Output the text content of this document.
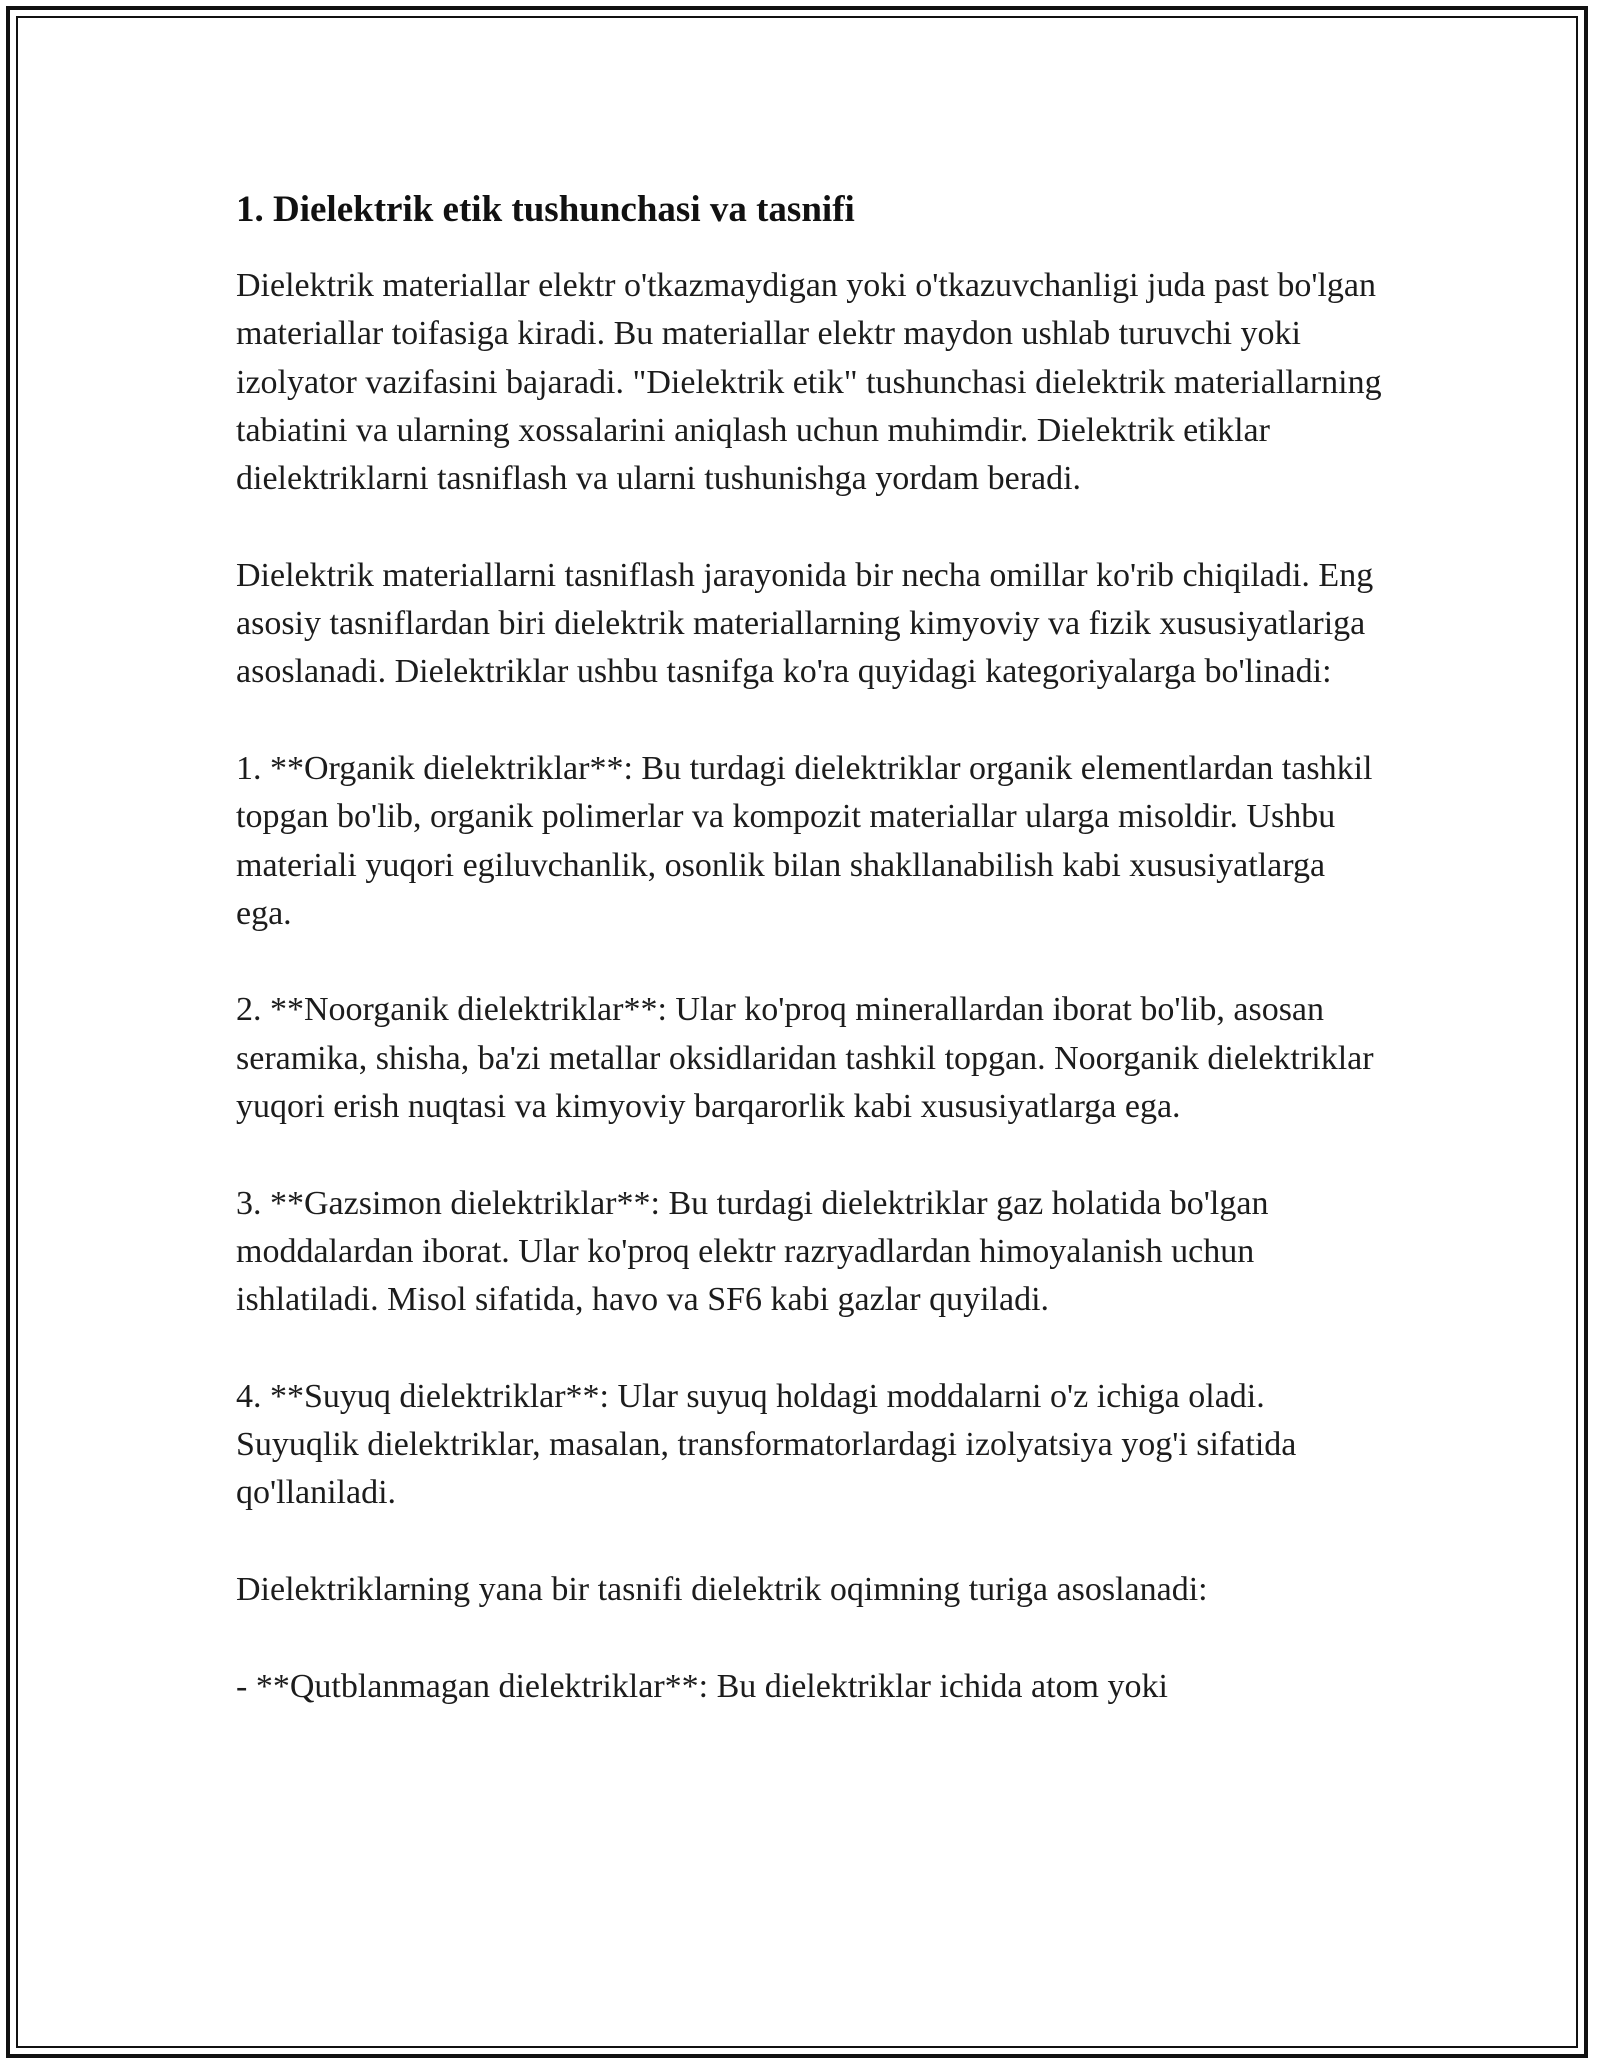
1. Dielektrik etik tushunchasi va tasnifi

Dielektrik materiallar elektr o'tkazmaydigan yoki o'tkazuvchanligi juda past bo'lgan materiallar toifasiga kiradi. Bu materiallar elektr maydon ushlab turuvchi yoki izolyator vazifasini bajaradi. "Dielektrik etik" tushunchasi dielektrik materiallarning tabiatini va ularning xossalarini aniqlash uchun muhimdir. Dielektrik etiklar dielektriklarni tasniflash va ularni tushunishga yordam beradi.

Dielektrik materiallarni tasniflash jarayonida bir necha omillar ko'rib chiqiladi. Eng asosiy tasniflardan biri dielektrik materiallarning kimyoviy va fizik xususiyatlariga asoslanadi. Dielektriklar ushbu tasnifga ko'ra quyidagi kategoriyalarga bo'linadi:

1. **Organik dielektriklar**: Bu turdagi dielektriklar organik elementlardan tashkil topgan bo'lib, organik polimerlar va kompozit materiallar ularga misoldir. Ushbu materiali yuqori egiluvchanlik, osonlik bilan shakllanabilish kabi xususiyatlarga ega.

2. **Noorganik dielektriklar**: Ular ko'proq minerallardan iborat bo'lib, asosan seramika, shisha, ba'zi metallar oksidlaridan tashkil topgan. Noorganik dielektriklar yuqori erish nuqtasi va kimyoviy barqarorlik kabi xususiyatlarga ega.

3. **Gazsimon dielektriklar**: Bu turdagi dielektriklar gaz holatida bo'lgan moddalardan iborat. Ular ko'proq elektr razryadlardan himoyalanish uchun ishlatiladi. Misol sifatida, havo va SF6 kabi gazlar quyiladi.

4. **Suyuq dielektriklar**: Ular suyuq holdagi moddalarni o'z ichiga oladi. Suyuqlik dielektriklar, masalan, transformatorlardagi izolyatsiya yog'i sifatida qo'llaniladi.

Dielektriklarning yana bir tasnifi dielektrik oqimning turiga asoslanadi:

- **Qutblanmagan dielektriklar**: Bu dielektriklar ichida atom yoki
